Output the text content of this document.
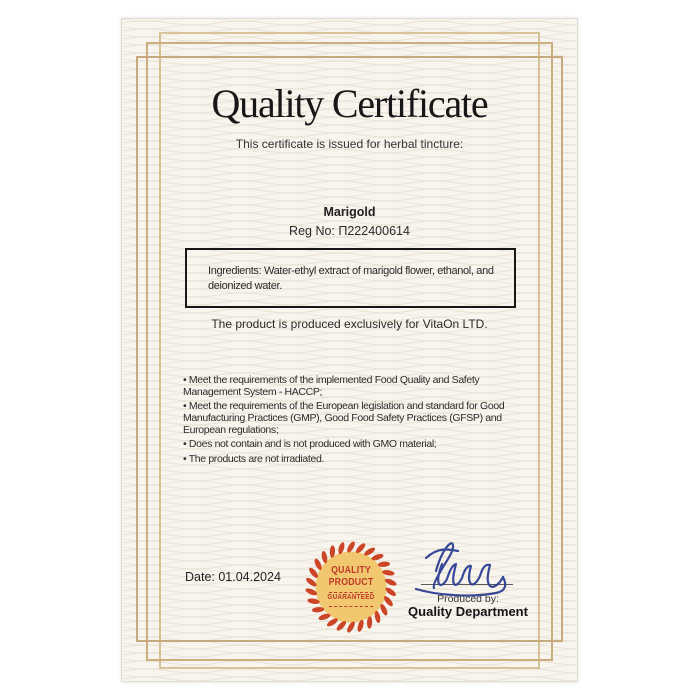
Quality Certificate
This certificate is issued for herbal tincture:
Marigold
Reg No: П222400614
Ingredients: Water-ethyl extract of marigold flower, ethanol, and deionized water.
The product is produced exclusively for VitaOn LTD.
• Meet the requirements of the implemented Food Quality and Safety Management System - HACCP;
• Meet the requirements of the European legislation and standard for Good Manufacturing Practices (GMP), Good Food Safety Practices (GFSP) and European regulations;
• Does not contain and is not produced with GMO material;
• The products are not irradiated.
Date: 01.04.2024	QUALITY
PRODUCT
GUARANTEED	Produced by:
Quality Department
